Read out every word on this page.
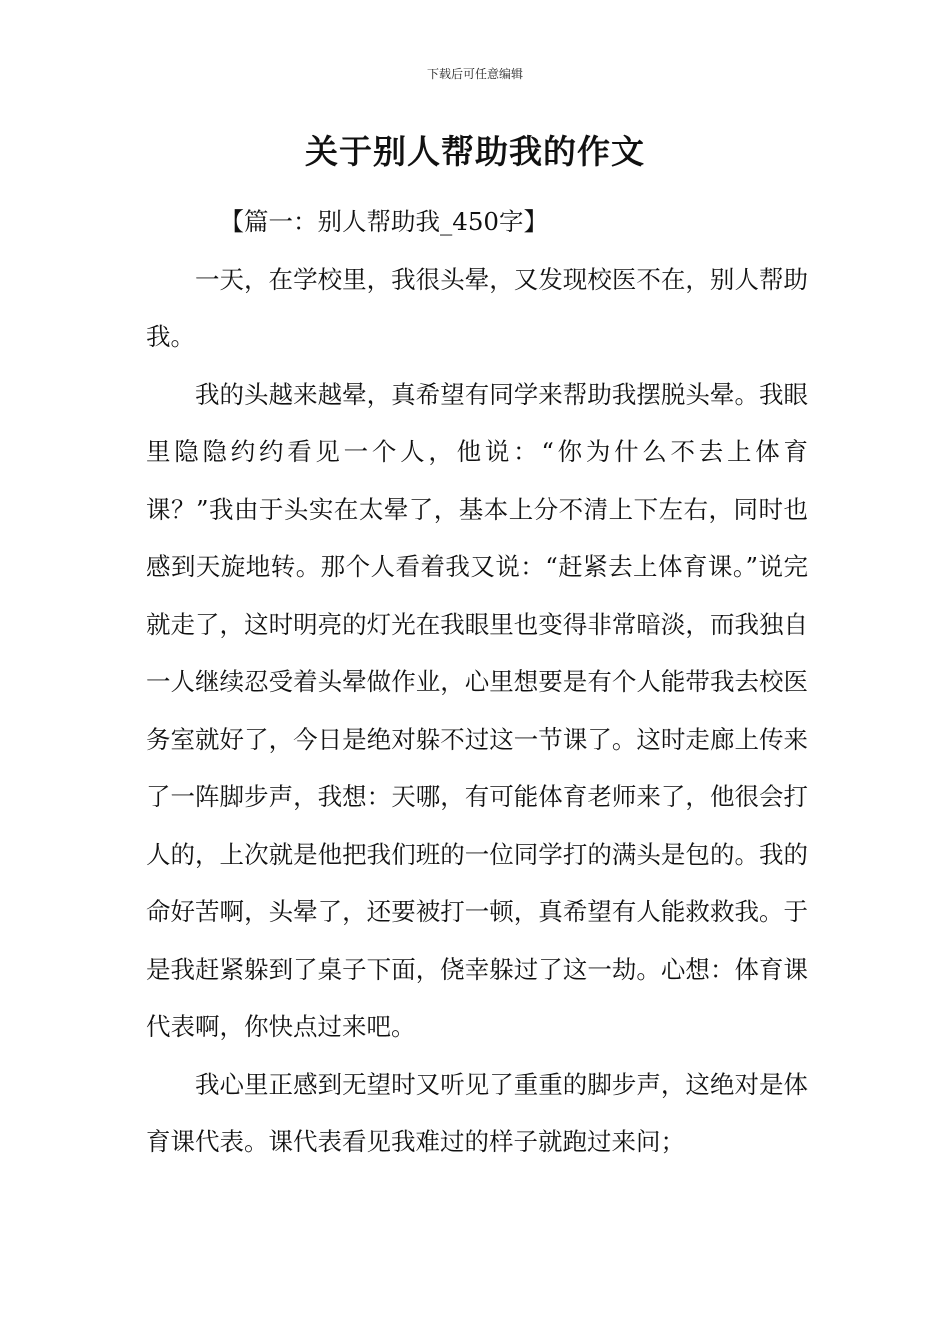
下载后可任意编辑
关于别人帮助我的作文

 【篇一：别人帮助我_450字】

一天，在学校里，我很头晕，又发现校医不在，别人帮助我。

我的头越来越晕，真希望有同学来帮助我摆脱头晕。我眼里隐隐约约看见一个人，他说：“你为什么不去上体育课？”我由于头实在太晕了，基本上分不清上下左右，同时也感到天旋地转。那个人看着我又说：“赶紧去上体育课。”说完就走了，这时明亮的灯光在我眼里也变得非常暗淡，而我独自一人继续忍受着头晕做作业，心里想要是有个人能带我去校医务室就好了，今日是绝对躲不过这一节课了。这时走廊上传来了一阵脚步声，我想：天哪，有可能体育老师来了，他很会打人的，上次就是他把我们班的一位同学打的满头是包的。我的命好苦啊，头晕了，还要被打一顿，真希望有人能救救我。于是我赶紧躲到了桌子下面，侥幸躲过了这一劫。心想：体育课代表啊，你快点过来吧。

我心里正感到无望时又听见了重重的脚步声，这绝对是体育课代表。课代表看见我难过的样子就跑过来问；
